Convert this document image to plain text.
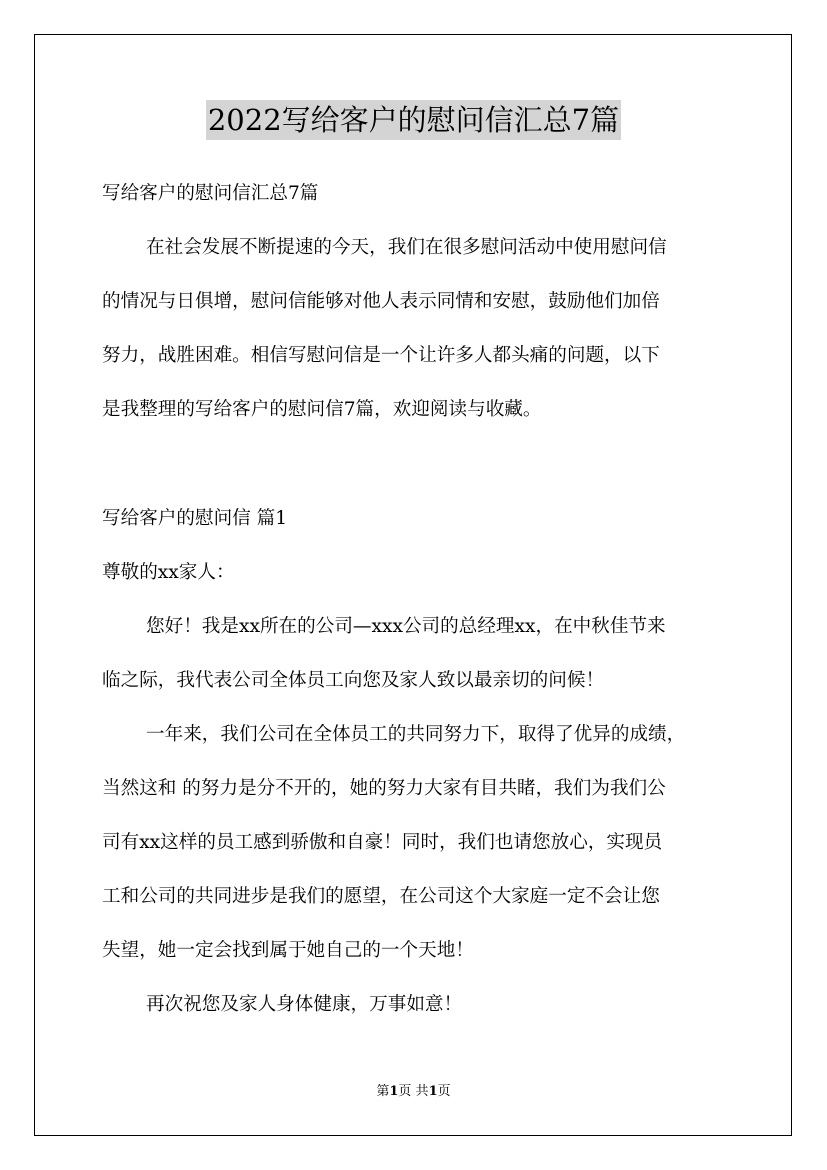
2022写给客户的慰问信汇总7篇
写给客户的慰问信汇总7篇
在社会发展不断提速的今天，我们在很多慰问活动中使用慰问信
的情况与日俱增，慰问信能够对他人表示同情和安慰，鼓励他们加倍
努力，战胜困难。相信写慰问信是一个让许多人都头痛的问题，以下
是我整理的写给客户的慰问信7篇，欢迎阅读与收藏。
写给客户的慰问信 篇1
尊敬的xx家人：
您好！我是xx所在的公司—xxx公司的总经理xx，在中秋佳节来
临之际，我代表公司全体员工向您及家人致以最亲切的问候！
一年来，我们公司在全体员工的共同努力下，取得了优异的成绩，
当然这和 的努力是分不开的，她的努力大家有目共睹，我们为我们公
司有xx这样的员工感到骄傲和自豪！同时，我们也请您放心，实现员
工和公司的共同进步是我们的愿望，在公司这个大家庭一定不会让您
失望，她一定会找到属于她自己的一个天地！
再次祝您及家人身体健康，万事如意！
第1页 共1页
